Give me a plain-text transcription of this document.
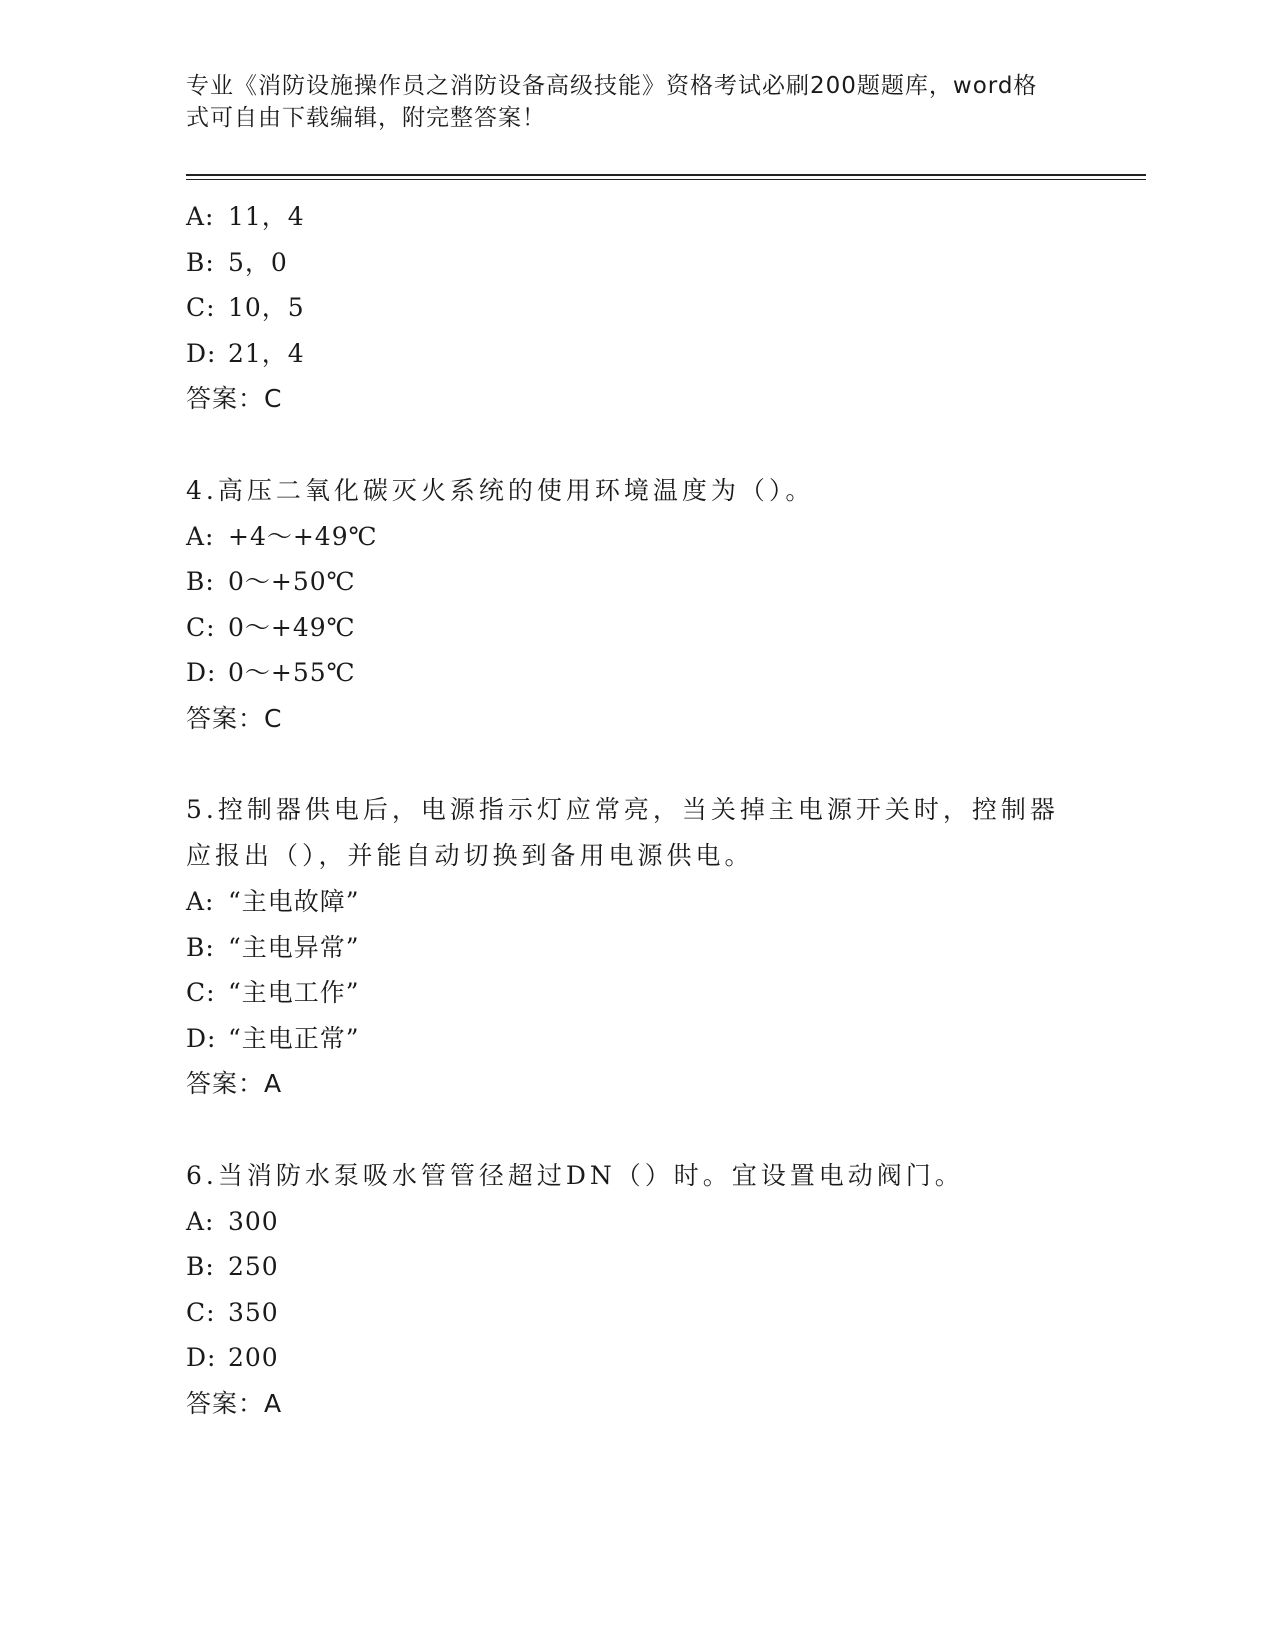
专业《消防设施操作员之消防设备高级技能》资格考试必刷200题题库，word格

式可自由下载编辑，附完整答案！

A: 11，4
B: 5，0
C: 10，5
D: 21，4
答案：C
4.高压二氧化碳灭火系统的使用环境温度为（）。
A: +4～+49℃
B: 0～+50℃
C: 0～+49℃
D: 0～+55℃
答案：C
5.控制器供电后，电源指示灯应常亮，当关掉主电源开关时，控制器应报出（），并能自动切换到备用电源供电。
A: “主电故障”
B: “主电异常”
C: “主电工作”
D: “主电正常”
答案：A
6.当消防水泵吸水管管径超过DN（）时。宜设置电动阀门。
A: 300
B: 250
C: 350
D: 200
答案：A
